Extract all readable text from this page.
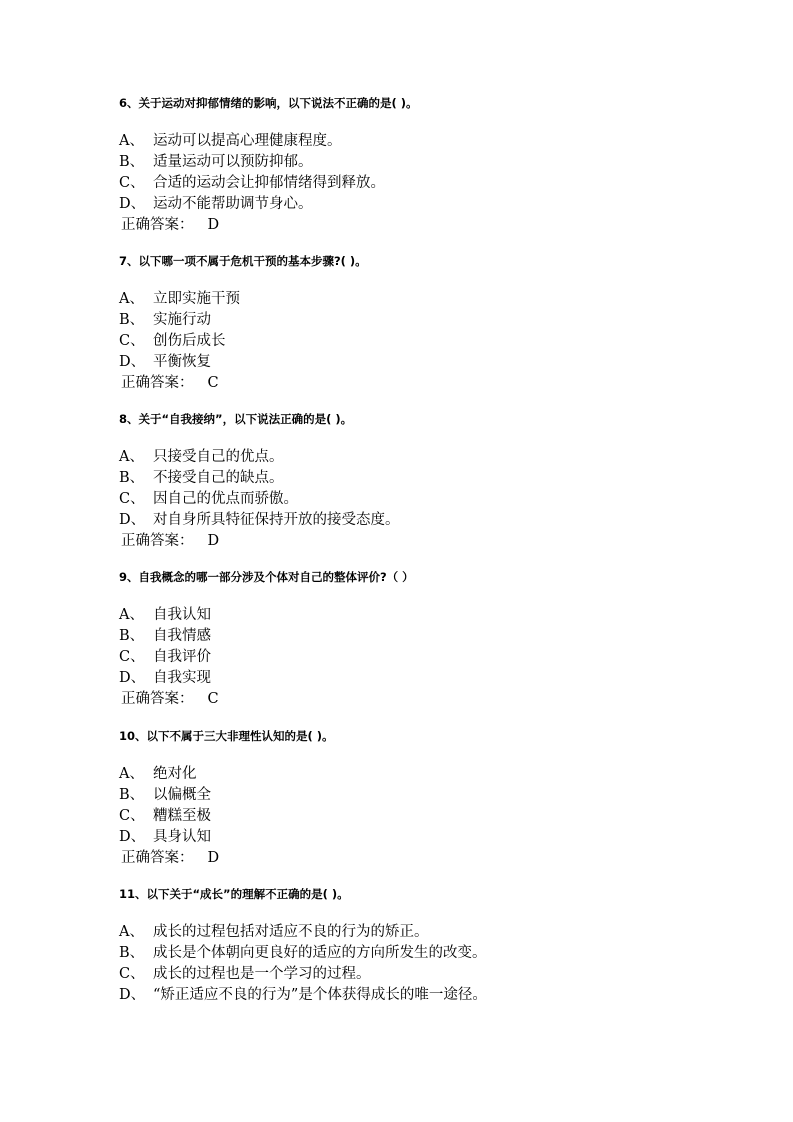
6、关于运动对抑郁情绪的影响，以下说法不正确的是( )。
A、 运动可以提高心理健康程度。
B、 适量运动可以预防抑郁。
C、 合适的运动会让抑郁情绪得到释放。
D、 运动不能帮助调节身心。
正确答案： D
7、以下哪一项不属于危机干预的基本步骤?( )。
A、 立即实施干预
B、 实施行动
C、 创伤后成长
D、 平衡恢复
正确答案： C
8、关于“自我接纳”，以下说法正确的是( )。
A、 只接受自己的优点。
B、 不接受自己的缺点。
C、 因自己的优点而骄傲。
D、 对自身所具特征保持开放的接受态度。
正确答案： D
9、自我概念的哪一部分涉及个体对自己的整体评价?（ ）
A、 自我认知
B、 自我情感
C、 自我评价
D、 自我实现
正确答案： C
10、以下不属于三大非理性认知的是( )。
A、 绝对化
B、 以偏概全
C、 糟糕至极
D、 具身认知
正确答案： D
11、以下关于“成长”的理解不正确的是( )。
A、 成长的过程包括对适应不良的行为的矫正。
B、 成长是个体朝向更良好的适应的方向所发生的改变。
C、 成长的过程也是一个学习的过程。
D、 “矫正适应不良的行为”是个体获得成长的唯一途径。
